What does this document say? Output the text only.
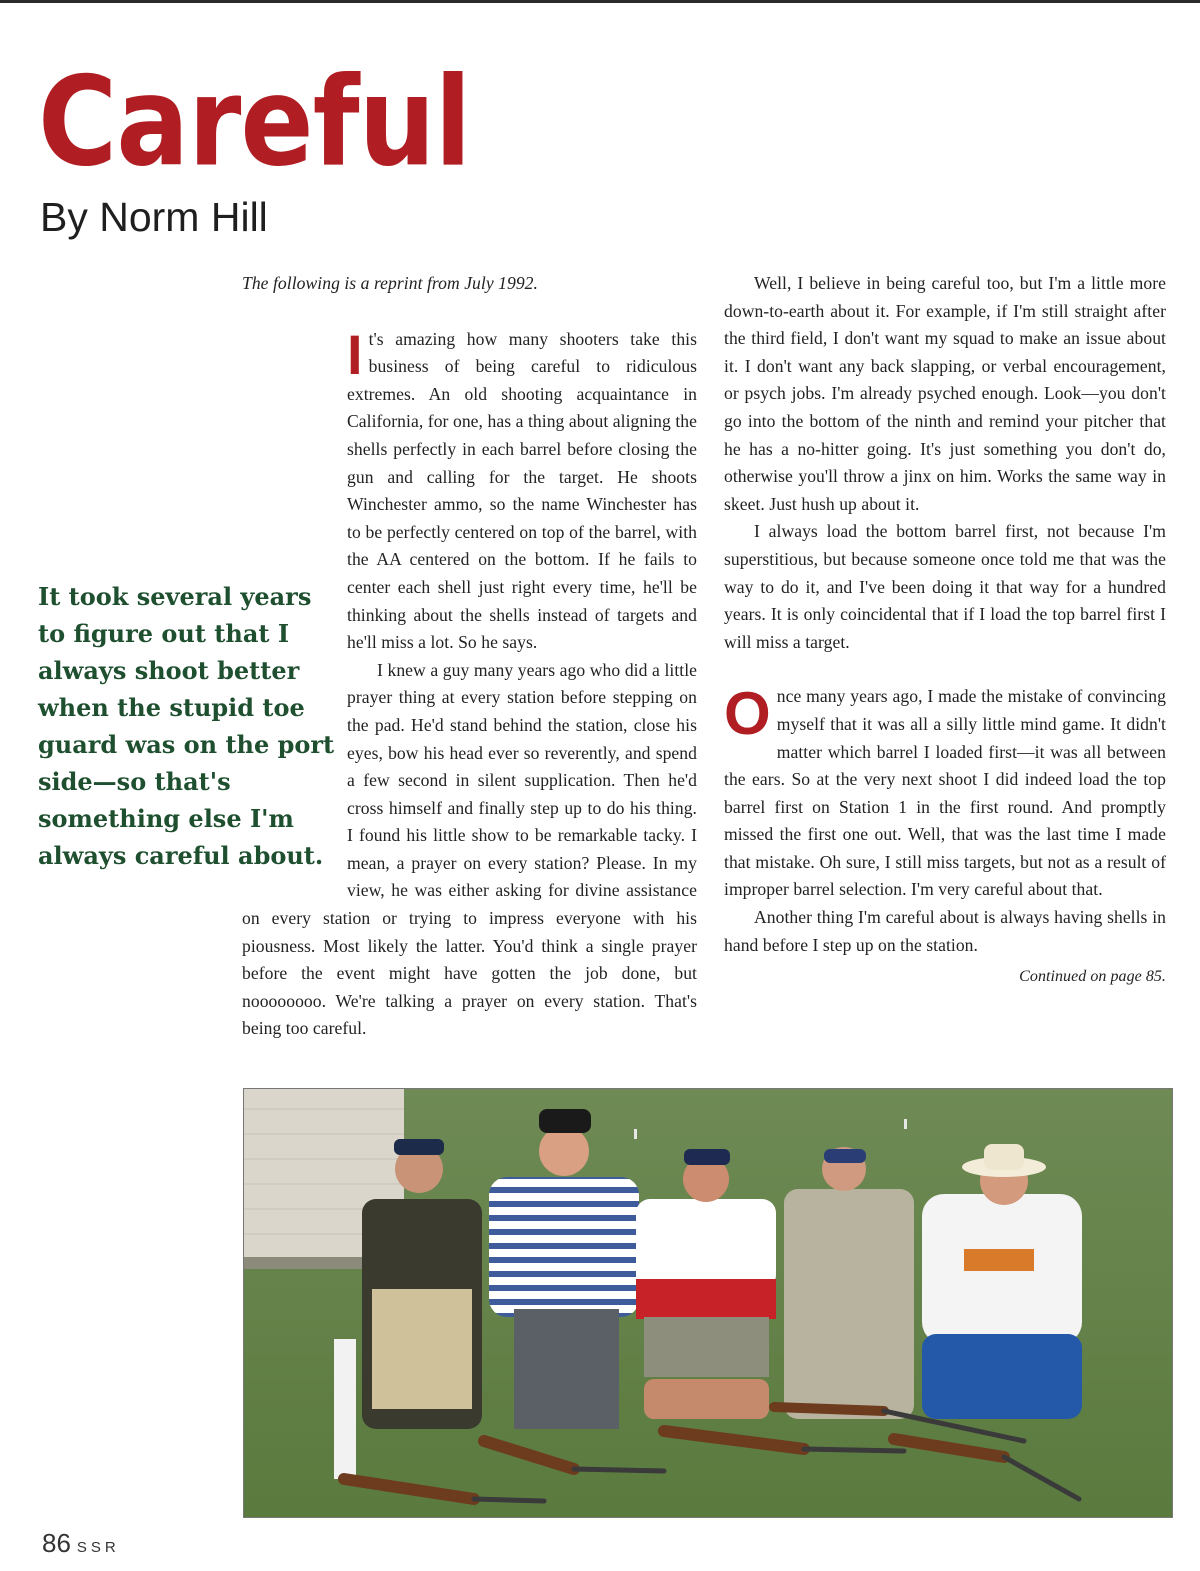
Careful
By Norm Hill

It took several years to figure out that I always shoot better when the stupid toe guard was on the port side—so that's something else I'm always careful about.

The following is a reprint from July 1992.

It's amazing how many shooters take this business of being careful to ridiculous extremes. An old shooting acquaintance in California, for one, has a thing about aligning the shells perfectly in each barrel before closing the gun and calling for the target. He shoots Winchester ammo, so the name Winchester has to be perfectly centered on top of the barrel, with the AA centered on the bottom. If he fails to center each shell just right every time, he'll be thinking about the shells instead of targets and he'll miss a lot. So he says.

I knew a guy many years ago who did a little prayer thing at every station before stepping on the pad. He'd stand behind the station, close his eyes, bow his head ever so reverently, and spend a few second in silent supplication. Then he'd cross himself and finally step up to do his thing. I found his little show to be remarkable tacky. I mean, a prayer on every station? Please. In my view, he was either asking for divine assistance on every station or trying to impress everyone with his piousness. Most likely the latter. You'd think a single prayer before the event might have gotten the job done, but noooooooo. We're talking a prayer on every station. That's being too careful.

Well, I believe in being careful too, but I'm a little more down-to-earth about it. For example, if I'm still straight after the third field, I don't want my squad to make an issue about it. I don't want any back slapping, or verbal encouragement, or psych jobs. I'm already psyched enough. Look—you don't go into the bottom of the ninth and remind your pitcher that he has a no-hitter going. It's just something you don't do, otherwise you'll throw a jinx on him. Works the same way in skeet. Just hush up about it.

I always load the bottom barrel first, not because I'm superstitious, but because someone once told me that was the way to do it, and I've been doing it that way for a hundred years. It is only coincidental that if I load the top barrel first I will miss a target.

Once many years ago, I made the mistake of convincing myself that it was all a silly little mind game. It didn't matter which barrel I loaded first—it was all between the ears. So at the very next shoot I did indeed load the top barrel first on Station 1 in the first round. And promptly missed the first one out. Well, that was the last time I made that mistake. Oh sure, I still miss targets, but not as a result of improper barrel selection. I'm very careful about that.

Another thing I'm careful about is always having shells in hand before I step up on the station.

Continued on page 85.
86 SSR
